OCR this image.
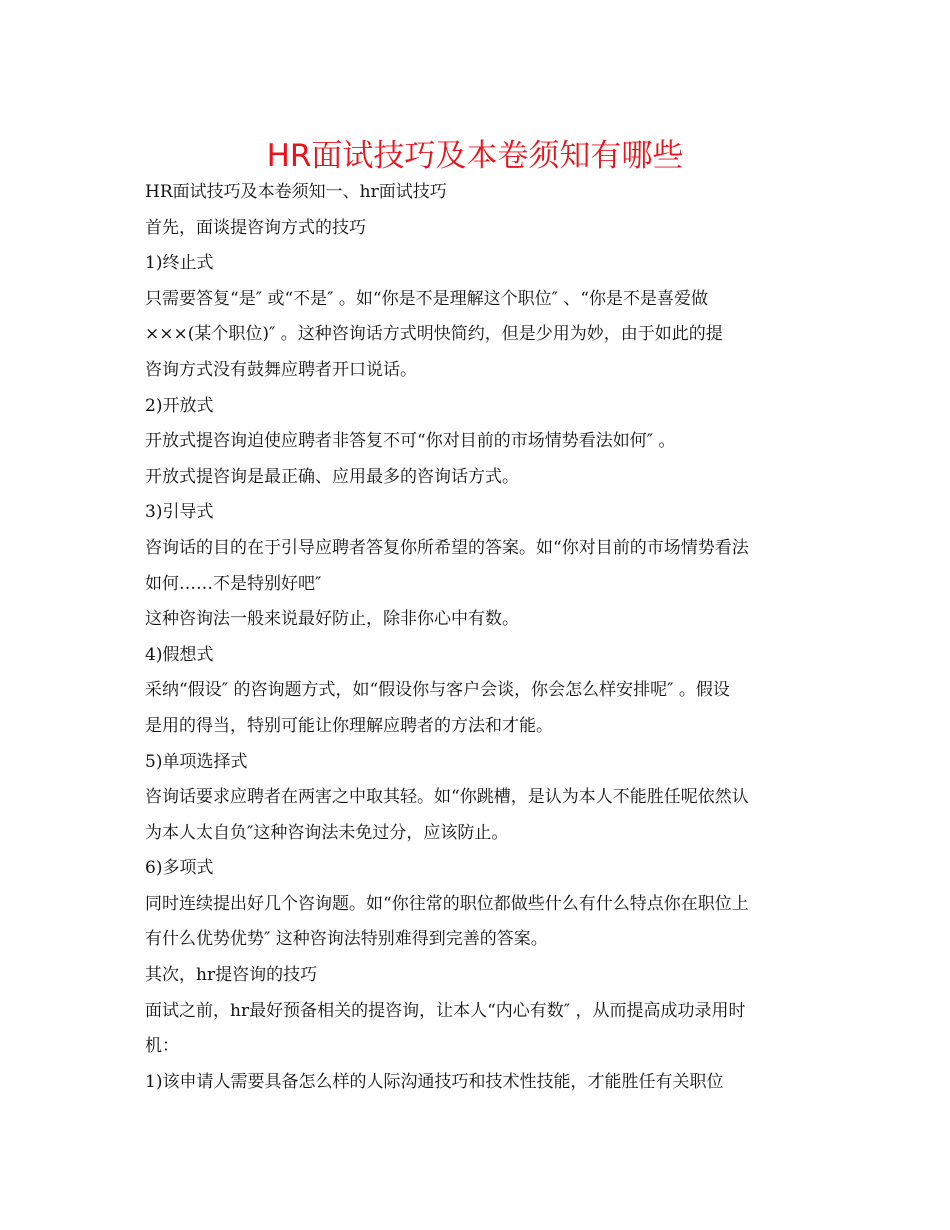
HR面试技巧及本卷须知有哪些
HR面试技巧及本卷须知一、hr面试技巧
首先，面谈提咨询方式的技巧
1)终止式
只需要答复“是″ 或“不是″ 。如“你是不是理解这个职位″ 、“你是不是喜爱做
×××(某个职位)″ 。这种咨询话方式明快简约，但是少用为妙，由于如此的提
咨询方式没有鼓舞应聘者开口说话。
2)开放式
开放式提咨询迫使应聘者非答复不可“你对目前的市场情势看法如何″ 。
开放式提咨询是最正确、应用最多的咨询话方式。
3)引导式
咨询话的目的在于引导应聘者答复你所希望的答案。如“你对目前的市场情势看法
如何……不是特别好吧″
这种咨询法一般来说最好防止，除非你心中有数。
4)假想式
采纳“假设″ 的咨询题方式，如“假设你与客户会谈，你会怎么样安排呢″ 。假设
是用的得当，特别可能让你理解应聘者的方法和才能。
5)单项选择式
咨询话要求应聘者在两害之中取其轻。如“你跳槽，是认为本人不能胜任呢依然认
为本人太自负″这种咨询法未免过分，应该防止。
6)多项式
同时连续提出好几个咨询题。如“你往常的职位都做些什么有什么特点你在职位上
有什么优势优势″ 这种咨询法特别难得到完善的答案。
其次，hr提咨询的技巧
面试之前，hr最好预备相关的提咨询，让本人“内心有数″ ，从而提高成功录用时
机：
1)该申请人需要具备怎么样的人际沟通技巧和技术性技能，才能胜任有关职位
